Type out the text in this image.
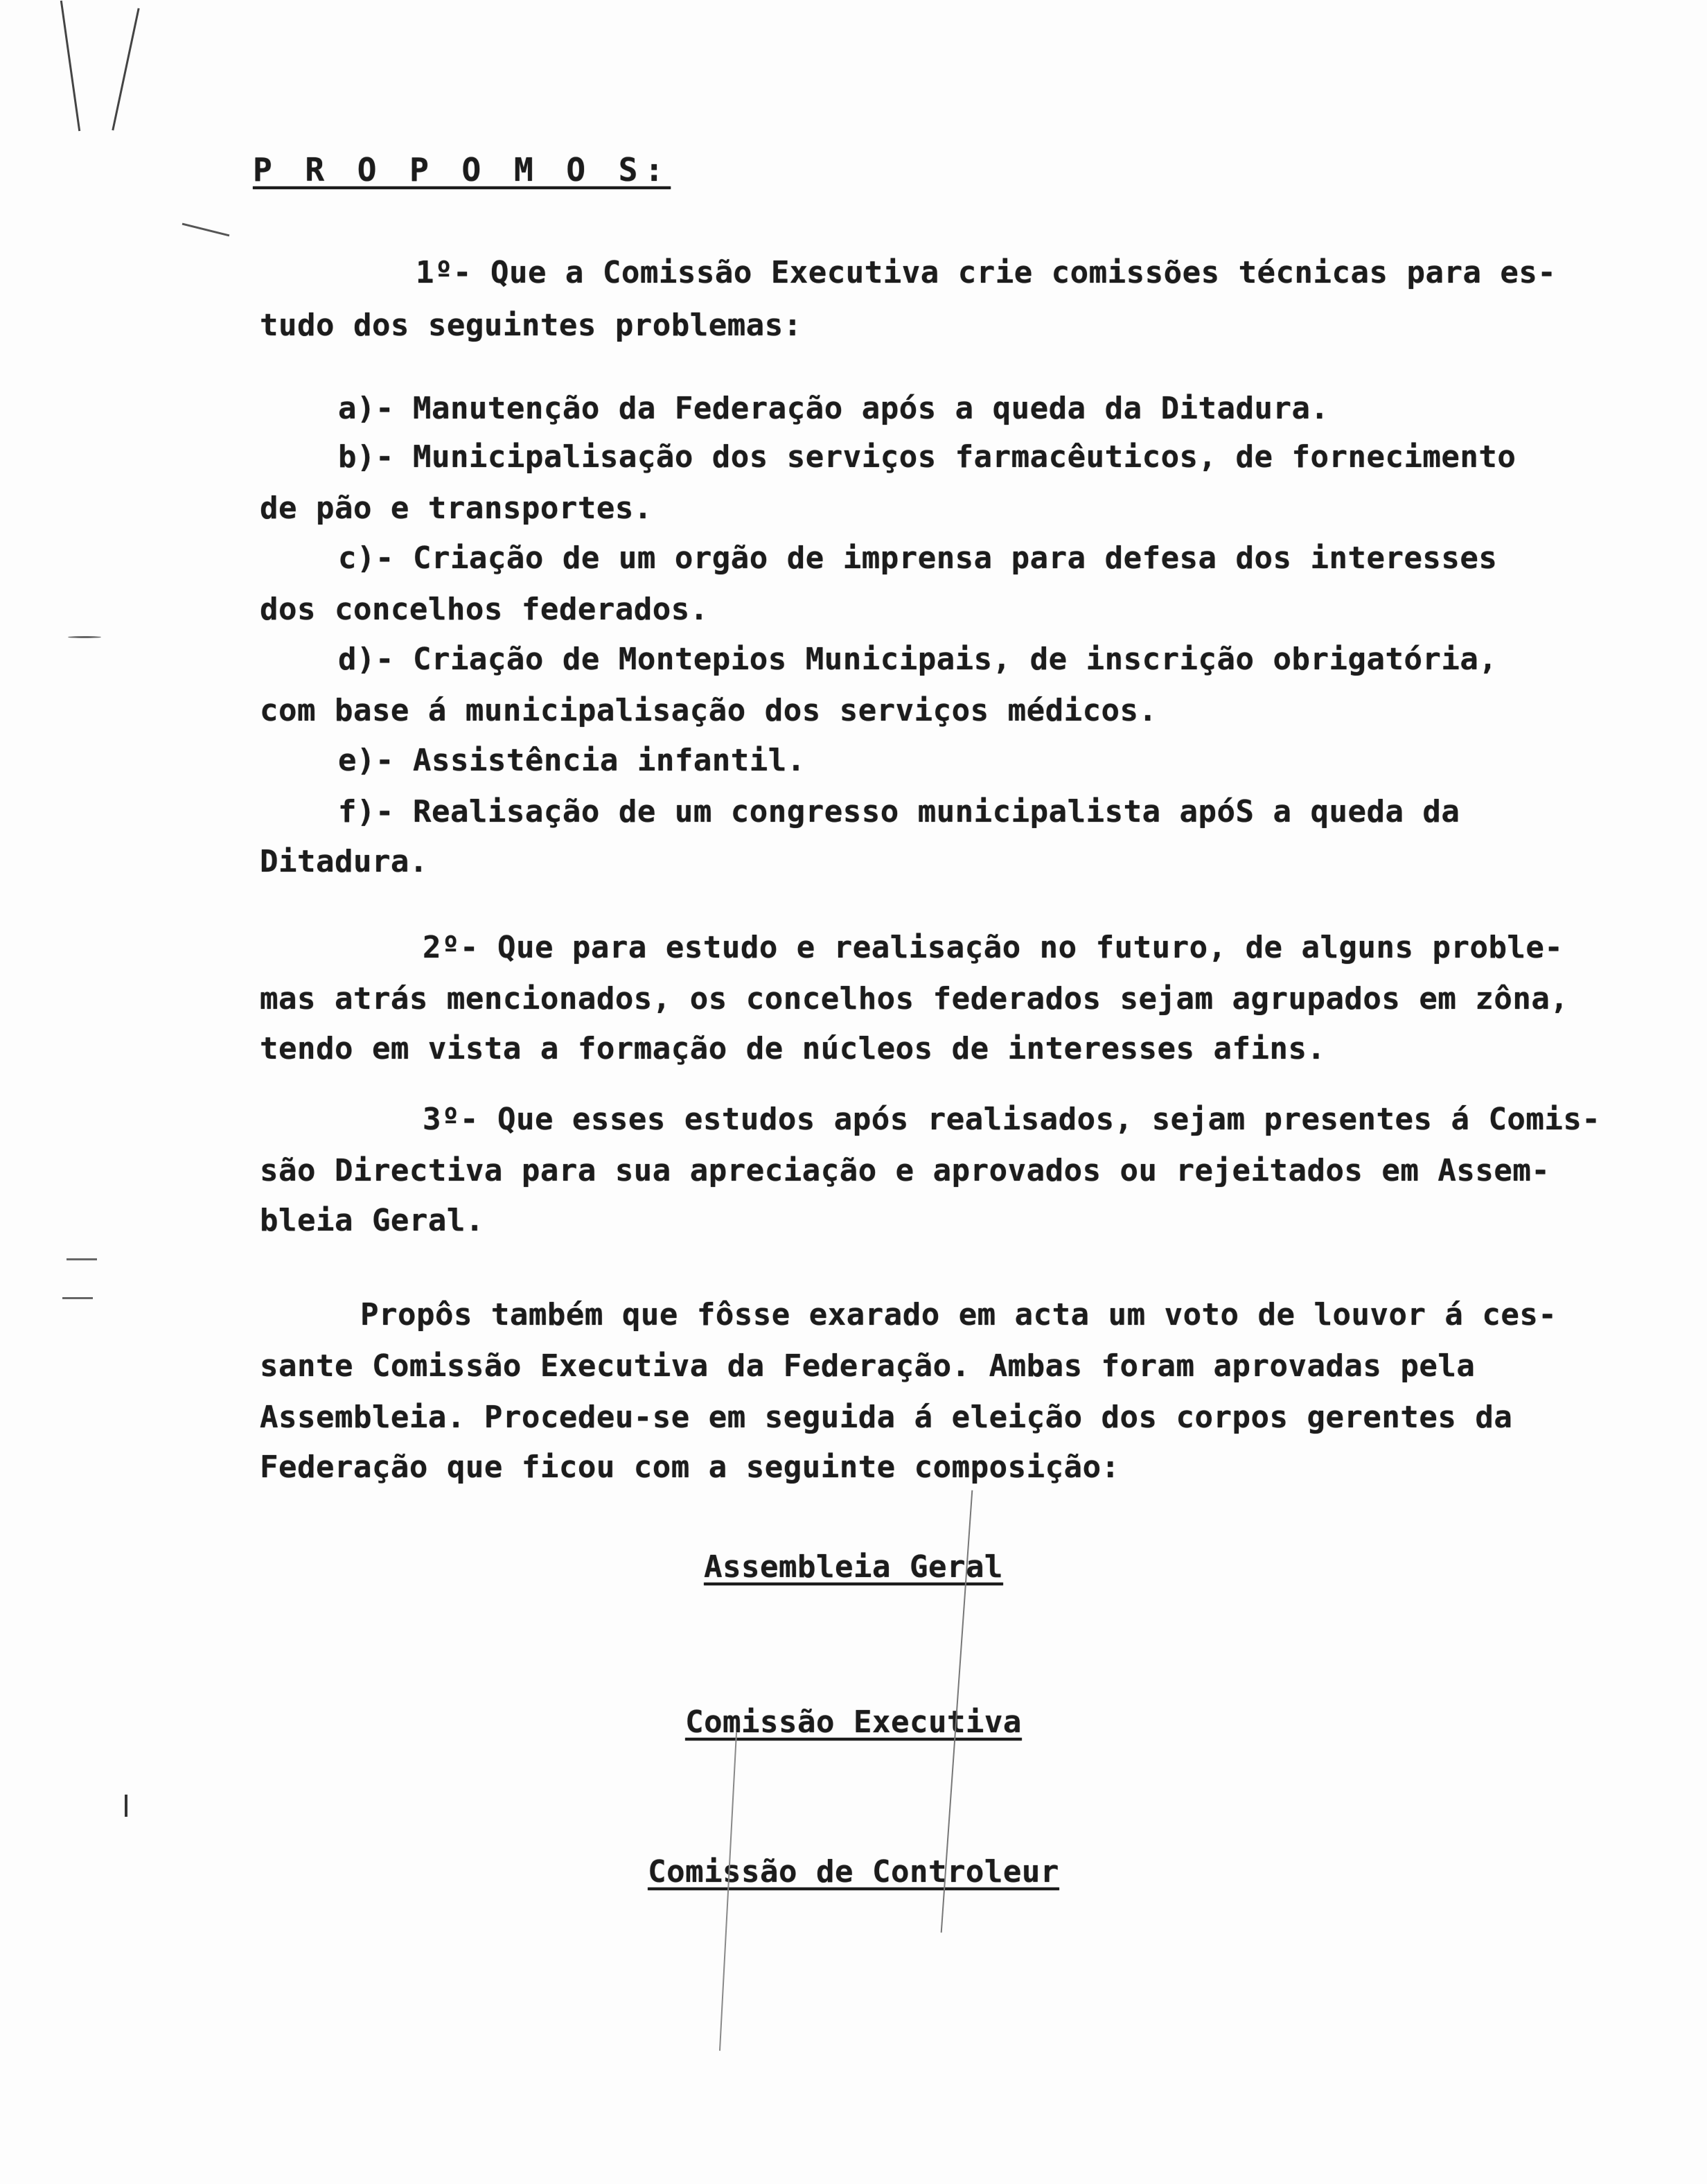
P R O P O M O S:
1º- Que a Comissão Executiva crie comissões técnicas para es-
tudo dos seguintes problemas:
a)- Manutenção da Federação após a queda da Ditadura.
b)- Municipalisação dos serviços farmacêuticos, de fornecimento
de pão e transportes.
c)- Criação de um orgão de imprensa para defesa dos interesses
dos concelhos federados.
d)- Criação de Montepios Municipais, de inscrição obrigatória,
com base á municipalisação dos serviços médicos.
e)- Assistência infantil.
f)- Realisação de um congresso municipalista apóS a queda da
Ditadura.
2º- Que para estudo e realisação no futuro, de alguns proble-
mas atrás mencionados, os concelhos federados sejam agrupados em zôna,
tendo em vista a formação de núcleos de interesses afins.
3º- Que esses estudos após realisados, sejam presentes á Comis-
são Directiva para sua apreciação e aprovados ou rejeitados em Assem-
bleia Geral.
Propôs também que fôsse exarado em acta um voto de louvor á ces-
sante Comissão Executiva da Federação. Ambas foram aprovadas pela
Assembleia. Procedeu-se em seguida á eleição dos corpos gerentes da
Federação que ficou com a seguinte composição:
Assembleia Geral
Comissão Executiva
Comissão de Controleur
